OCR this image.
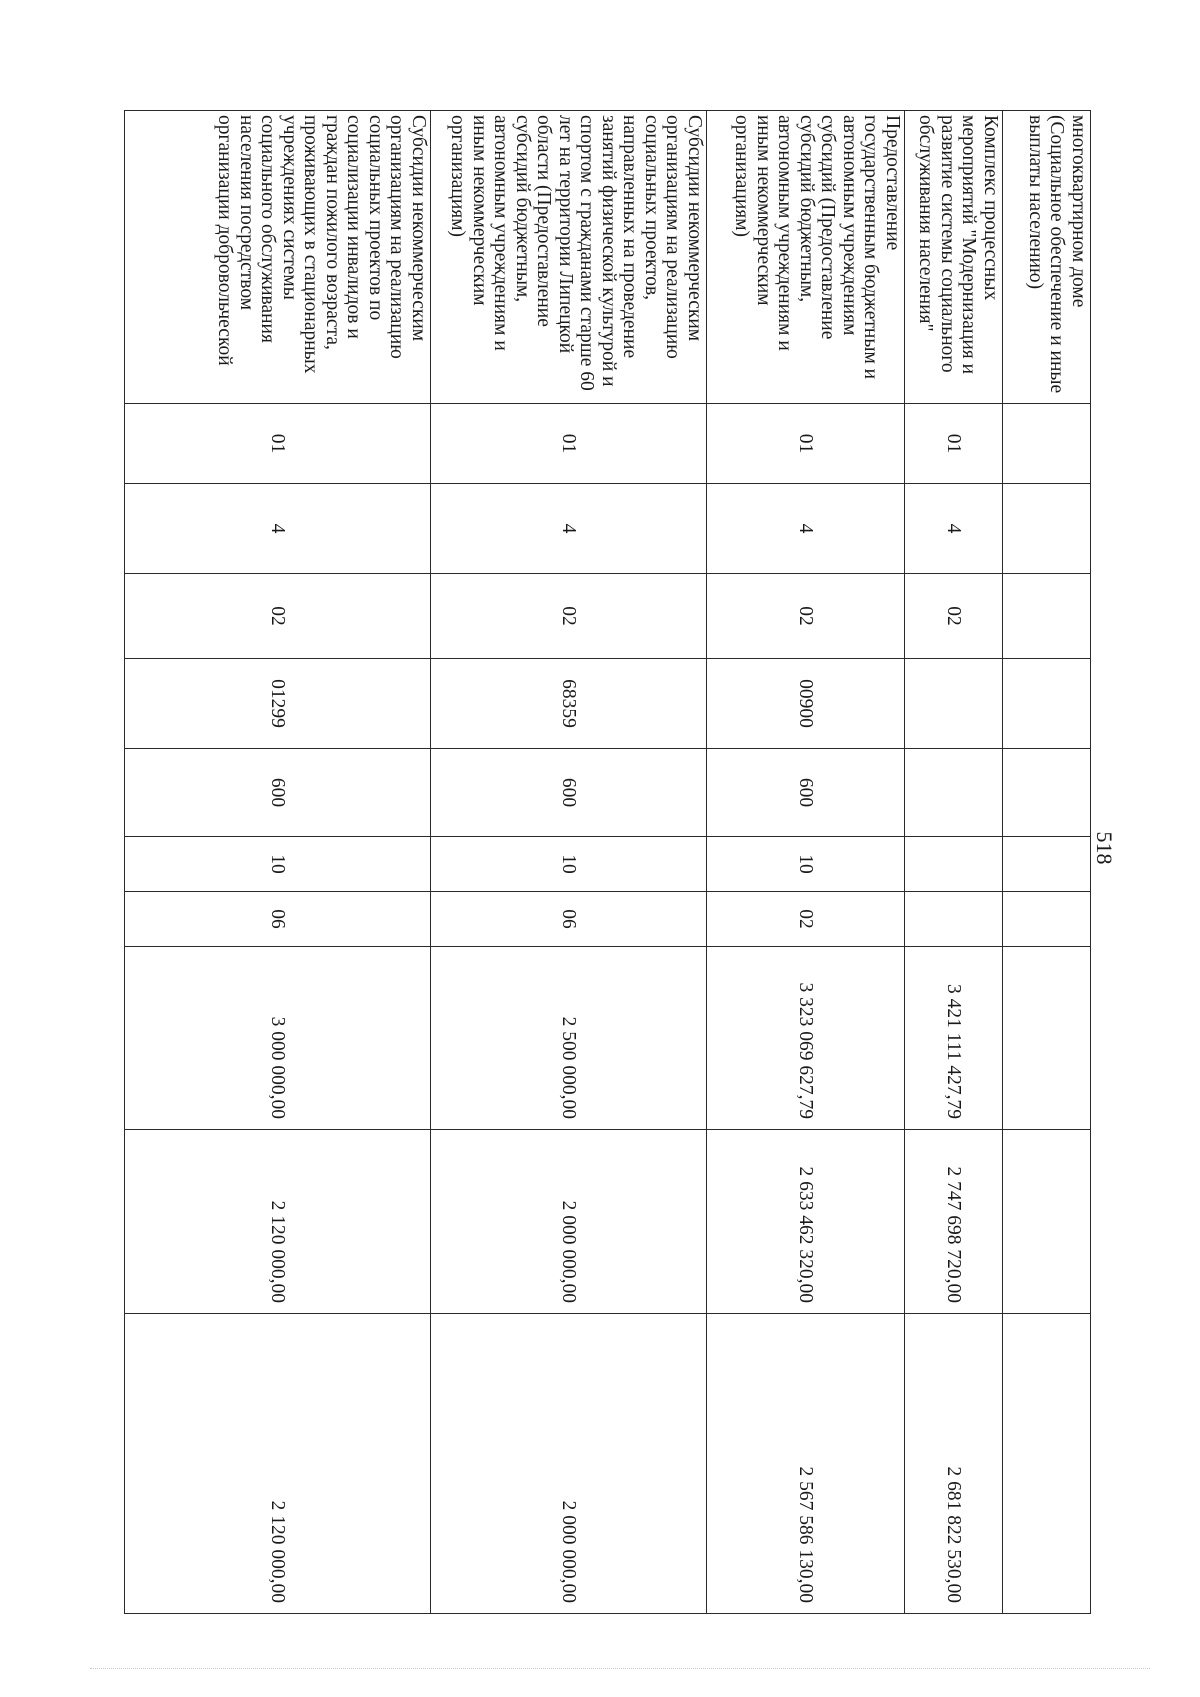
518
многоквартирном доме (Социальное обеспечение и иные выплаты населению)										
Комплекс процессных мероприятий "Модернизация и развитие системы социального обслуживания населения"	01	4	02					3 421 111 427,79	2 747 698 720,00	2 681 822 530,00
Предоставление государственным бюджетным и автономным учреждениям субсидий (Предоставление субсидий бюджетным, автономным учреждениям и иным некоммерческим организациям)	01	4	02	00900	600	10	02	3 323 069 627,79	2 633 462 320,00	2 567 586 130,00
Субсидии некоммерческим организациям на реализацию социальных проектов, направленных на проведение занятий физической культурой и спортом с гражданами старше 60 лет на территории Липецкой области (Предоставление субсидий бюджетным, автономным учреждениям и иным некоммерческим организациям)	01	4	02	68359	600	10	06	2 500 000,00	2 000 000,00	2 000 000,00
Субсидии некоммерческим организациям на реализацию социальных проектов по социализации инвалидов и граждан пожилого возраста, проживающих в стационарных учреждениях системы социального обслуживания населения посредством организации добровольческой	01	4	02	01299	600	10	06	3 000 000,00	2 120 000,00	2 120 000,00
